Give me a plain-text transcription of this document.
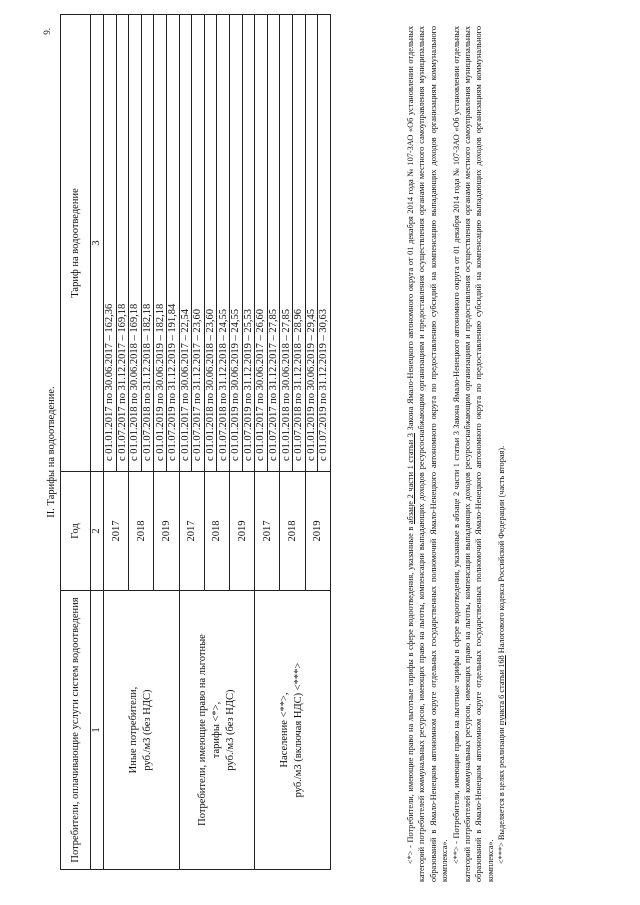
II. Тарифы на водоотведение.
9.
Потребители, оплачивающие услуги систем водоотведения	Год	Тариф на водоотведение
1	2	3

Иные потребители, руб./м3 (без НДС)	2017	с 01.01.2017 по 30.06.2017 – 162,36
		с 01.07.2017 по 31.12.2017 – 169,18
	2018	с 01.01.2018 по 30.06.2018 – 169,18
		с 01.07.2018 по 31.12.2018 – 182,18
	2019	с 01.01.2019 по 30.06.2019 – 182,18
		с 01.07.2019 по 31.12.2019 – 191,84

Потребители, имеющие право на льготные тарифы <*>, руб./м3 (без НДС)	2017	с 01.01.2017 по 30.06.2017 – 22,54
		с 01.07.2017 по 31.12.2017 – 23,60
	2018	с 01.01.2018 по 30.06.2018 – 23,60
		с 01.07.2018 по 31.12.2018 – 24,55
	2019	с 01.01.2019 по 30.06.2019 – 24,55
		с 01.07.2019 по 31.12.2019 – 25,53

Население <**>, руб./м3 (включая НДС) <***>	2017	с 01.01.2017 по 30.06.2017 – 26,60
		с 01.07.2017 по 31.12.2017 – 27,85
	2018	с 01.01.2018 по 30.06.2018 – 27,85
		с 01.07.2018 по 31.12.2018 – 28,96
	2019	с 01.01.2019 по 30.06.2019 – 29,45
		с 01.07.2019 по 31.12.2019 – 30,63

<*> - Потребители, имеющие право на льготные тарифы в сфере водоотведения, указанные в абзаце 2 части 1 статьи 3 Закона Ямало-Ненецкого автономного округа от 01 декабря 2014 года № 107-ЗАО «Об установлении отдельных категорий потребителей коммунальных ресурсов, имеющих право на льготы, компенсации выпадающих доходов ресурсоснабжающим организациям и предоставления осуществления органами местного самоуправления муниципальных образований в Ямало-Ненецком автономном округе отдельных государственных полномочий Ямало-Ненецкого автономного округа по предоставлению субсидий на компенсацию выпадающих доходов организациям коммунального комплекса». <**> - Потребители, имеющие право на льготные тарифы в сфере водоотведения, указанные в абзаце 2 части 1 статьи 3 Закона Ямало-Ненецкого автономного округа от 01 декабря 2014 года № 107-ЗАО «Об установлении отдельных категорий потребителей коммунальных ресурсов, имеющих право на льготы, компенсации выпадающих доходов ресурсоснабжающим организациям и предоставления осуществления органами местного самоуправления муниципальных образований в Ямало-Ненецком автономном округе отдельных государственных полномочий Ямало-Ненецкого автономного округа по предоставлению субсидий на компенсацию выпадающих доходов организациям коммунального комплекса». <***> Выделяется в целях реализации пункта 6 статьи 168 Налогового кодекса Российской Федерации (часть вторая).
